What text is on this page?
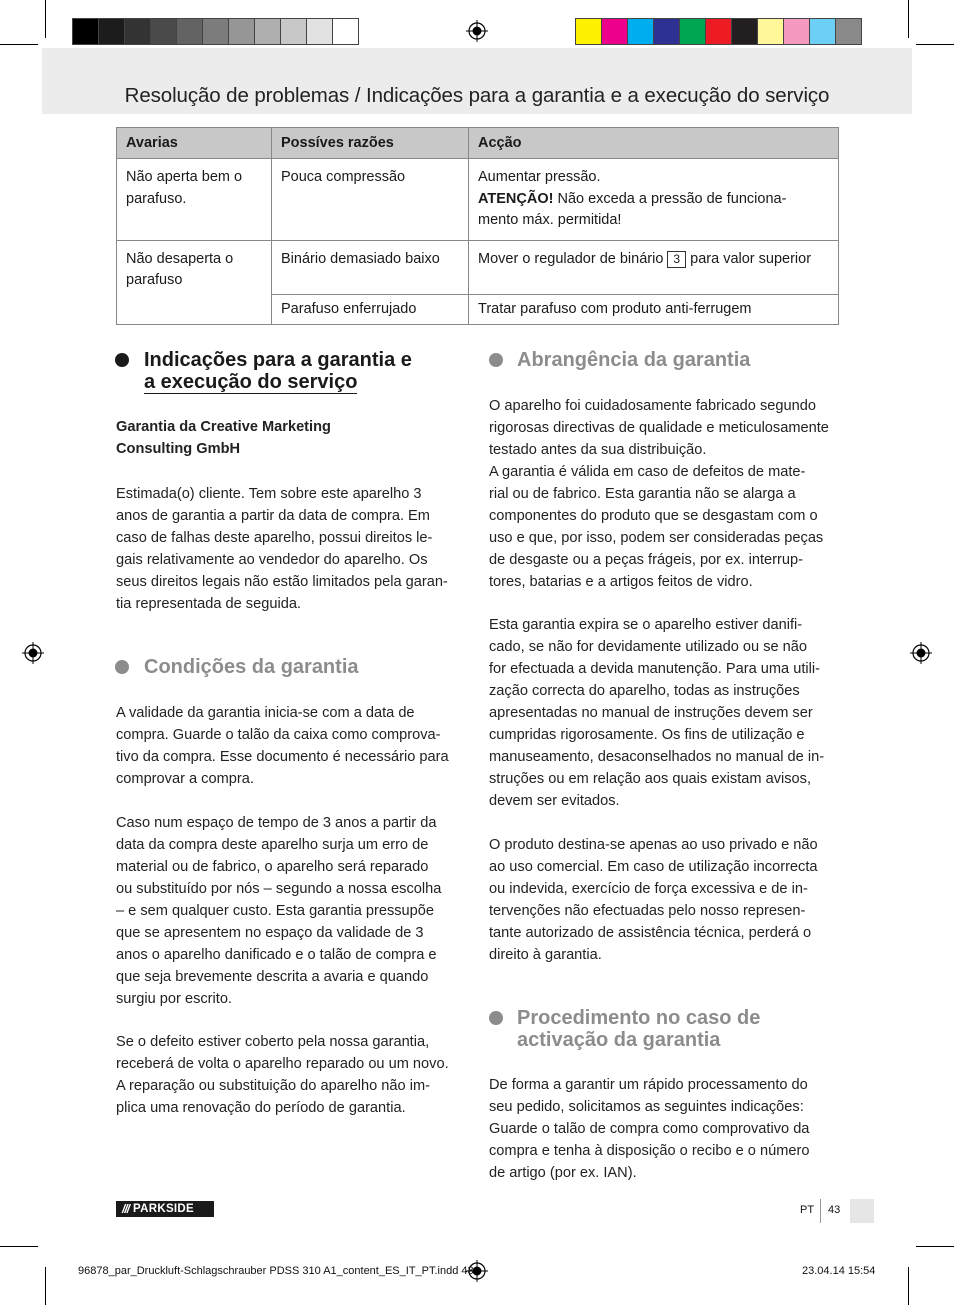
Resolução de problemas / Indicações para a garantia e a execução do serviço
Avarias	Possíves razões	Acção
Não aperta bem o parafuso.	Pouca compressão	Aumentar pressão.
ATENÇÃO! Não exceda a pressão de funciona-
mento máx. permitida!
Não desaperta o parafuso	Binário demasiado baixo	Mover o regulador de binário 3 para valor superior
	Parafuso enferrujado	Tratar parafuso com produto anti-ferrugem
Indicações para a garantia e
a execução do serviço
Garantia da Creative Marketing
Consulting GmbH
Estimada(o) cliente. Tem sobre este aparelho 3
anos de garantia a partir da data de compra. Em
caso de falhas deste aparelho, possui direitos le-
gais relativamente ao vendedor do aparelho. Os
seus direitos legais não estão limitados pela garan-
tia representada de seguida.
Condições da garantia
A validade da garantia inicia-se com a data de
compra. Guarde o talão da caixa como comprova-
tivo da compra. Esse documento é necessário para
comprovar a compra.
Caso num espaço de tempo de 3 anos a partir da
data da compra deste aparelho surja um erro de
material ou de fabrico, o aparelho será reparado
ou substituído por nós – segundo a nossa escolha
– e sem qualquer custo. Esta garantia pressupõe
que se apresentem no espaço da validade de 3
anos o aparelho danificado e o talão de compra e
que seja brevemente descrita a avaria e quando
surgiu por escrito.
Se o defeito estiver coberto pela nossa garantia,
receberá de volta o aparelho reparado ou um novo.
A reparação ou substituição do aparelho não im-
plica uma renovação do período de garantia.
Abrangência da garantia
O aparelho foi cuidadosamente fabricado segundo
rigorosas directivas de qualidade e meticulosamente
testado antes da sua distribuição.
A garantia é válida em caso de defeitos de mate-
rial ou de fabrico. Esta garantia não se alarga a
componentes do produto que se desgastam com o
uso e que, por isso, podem ser consideradas peças
de desgaste ou a peças frágeis, por ex. interrup-
tores, batarias e a artigos feitos de vidro.
Esta garantia expira se o aparelho estiver danifi-
cado, se não for devidamente utilizado ou se não
for efectuada a devida manutenção. Para uma utili-
zação correcta do aparelho, todas as instruções
apresentadas no manual de instruções devem ser
cumpridas rigorosamente. Os fins de utilização e
manuseamento, desaconselhados no manual de in-
struções ou em relação aos quais existam avisos,
devem ser evitados.
O produto destina-se apenas ao uso privado e não
ao uso comercial. Em caso de utilização incorrecta
ou indevida, exercício de força excessiva e de in-
tervenções não efectuadas pelo nosso represen-
tante autorizado de assistência técnica, perderá o
direito à garantia.
Procedimento no caso de
activação da garantia
De forma a garantir um rápido processamento do
seu pedido, solicitamos as seguintes indicações:
Guarde o talão de compra como comprovativo da
compra e tenha à disposição o recibo e o número
de artigo (por ex. IAN).
/// PARKSIDE	PT 43
96878_par_Druckluft-Schlagschrauber PDSS 310 A1_content_ES_IT_PT.indd 43	23.04.14 15:54
